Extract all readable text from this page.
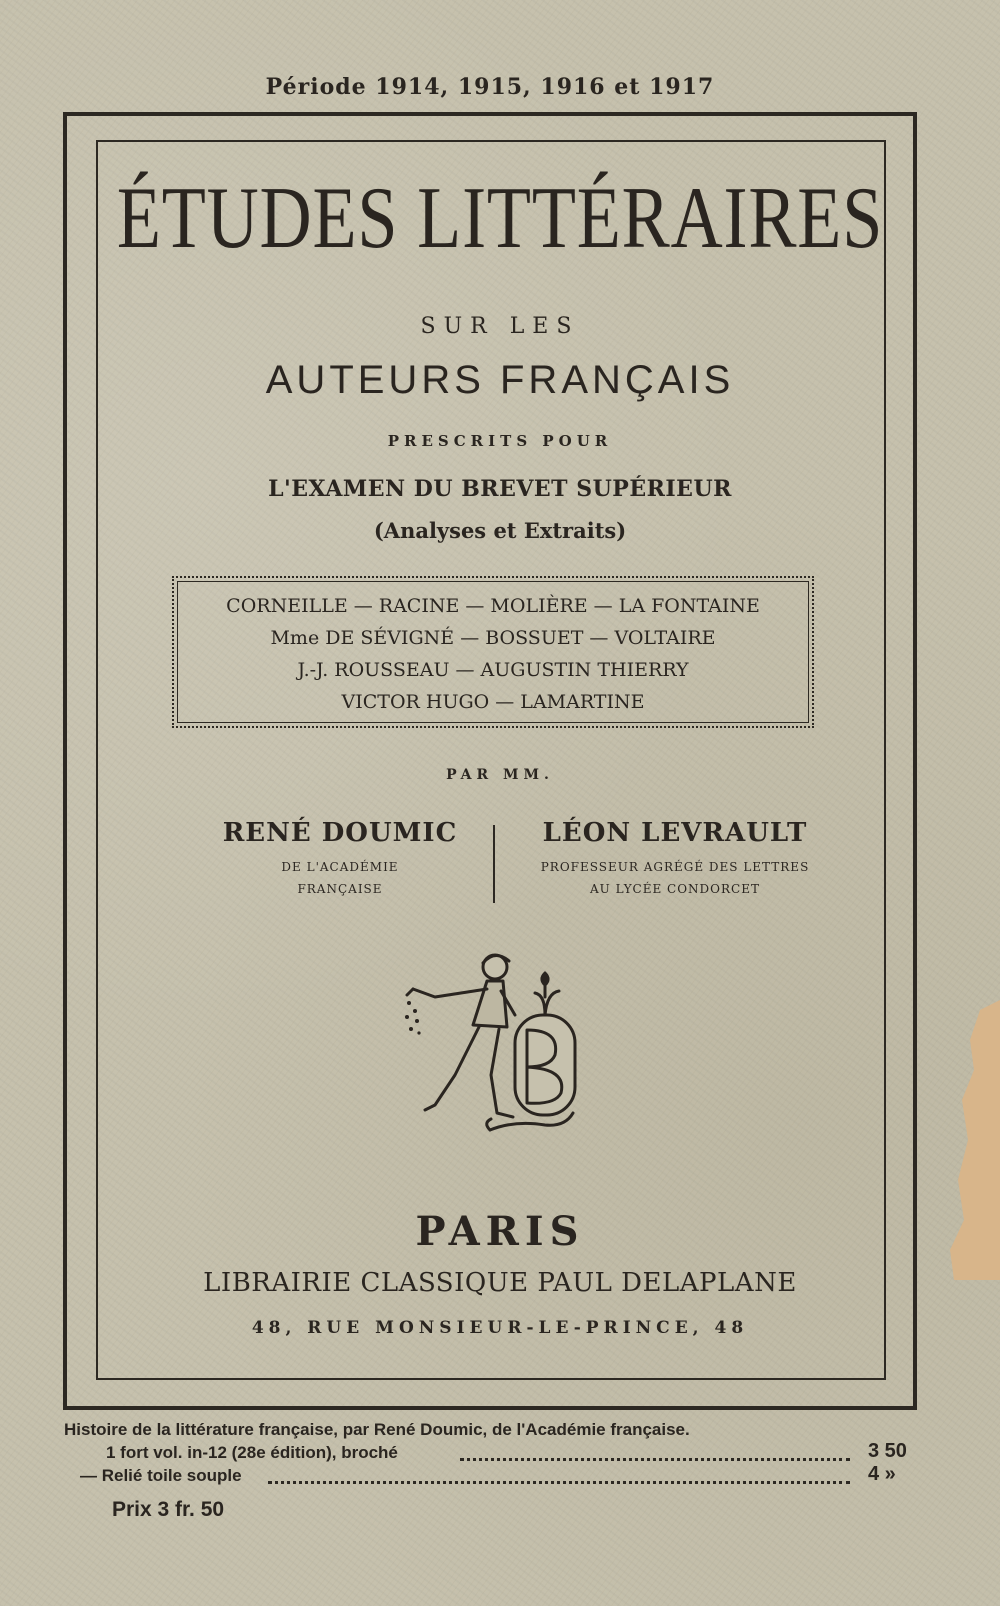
Période 1914, 1915, 1916 et 1917
ÉTUDES LITTÉRAIRES
SUR LES
AUTEURS FRANÇAIS
PRESCRITS POUR
L'EXAMEN DU BREVET SUPÉRIEUR
(Analyses et Extraits)
CORNEILLE — RACINE — MOLIÈRE — LA FONTAINE
Mme DE SÉVIGNÉ — BOSSUET — VOLTAIRE
J.-J. ROUSSEAU — AUGUSTIN THIERRY
VICTOR HUGO — LAMARTINE
PAR MM.
RENÉ DOUMIC
DE L'ACADÉMIE
FRANÇAISE
LÉON LEVRAULT
PROFESSEUR AGRÉGÉ DES LETTRES
AU LYCÉE CONDORCET
PARIS
LIBRAIRIE CLASSIQUE PAUL DELAPLANE
48, RUE MONSIEUR-LE-PRINCE, 48
Histoire de la littérature française, par René Doumic, de l'Académie française.
1 fort vol. in-12 (28e édition), broché	3 50
— Relié toile souple	4 »
Prix 3 fr. 50
